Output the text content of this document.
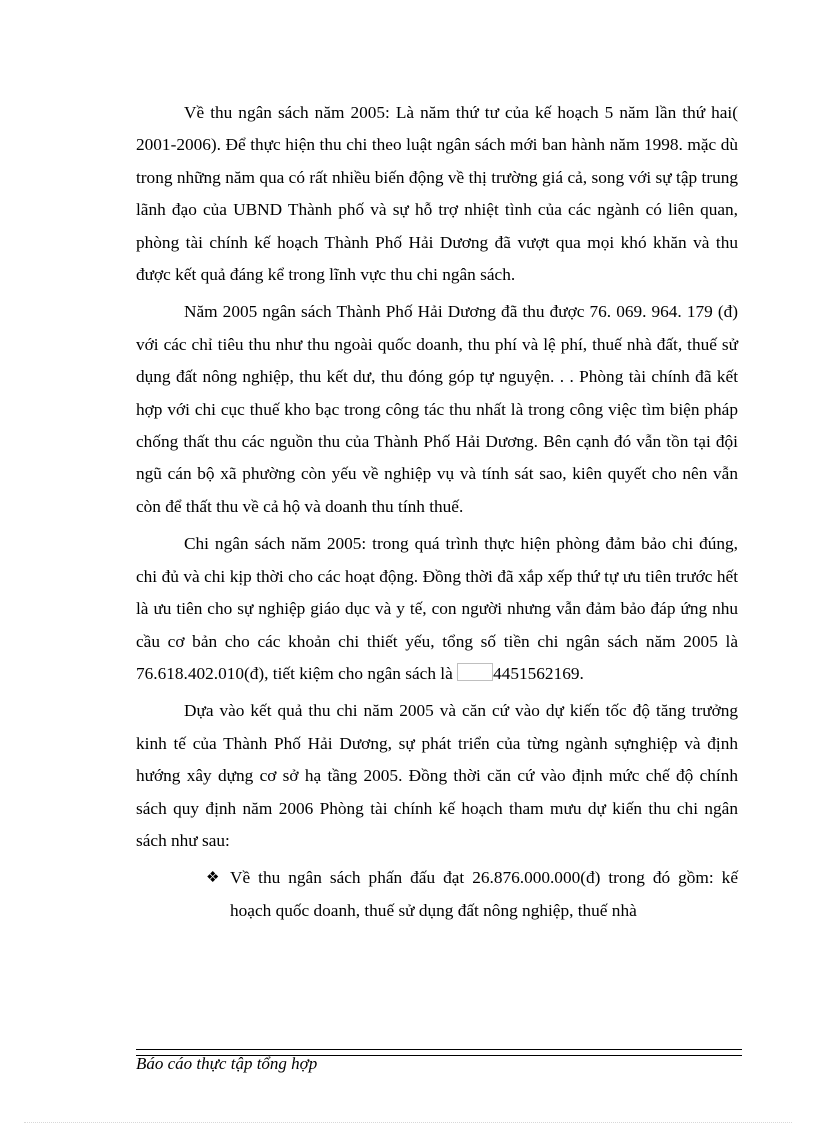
Về thu ngân sách năm 2005: Là năm thứ tư của kế hoạch 5 năm lần thứ hai( 2001-2006). Để thực hiện thu chi theo luật ngân sách mới ban hành năm 1998. mặc dù trong những năm qua có rất nhiều biến động về thị trường giá cả, song với sự tập trung lãnh đạo của UBND Thành phố và sự hỗ trợ nhiệt tình của các ngành có liên quan, phòng tài chính kế hoạch Thành Phố Hải Dương đã vượt qua mọi khó khăn và thu được kết quả đáng kể trong lĩnh vực thu chi ngân sách.

Năm 2005 ngân sách Thành Phố Hải Dương đã thu được 76. 069. 964. 179 (đ) với các chỉ tiêu thu như thu ngoài quốc doanh, thu phí và lệ phí, thuế nhà đất, thuế sử dụng đất nông nghiệp, thu kết dư, thu đóng góp tự nguyện. . . Phòng tài chính đã kết hợp với chi cục thuế kho bạc trong công tác thu nhất là trong công việc tìm biện pháp chống thất thu các nguồn thu của Thành Phố Hải Dương. Bên cạnh đó vẫn tồn tại đội ngũ cán bộ xã phường còn yếu về nghiệp vụ và tính sát sao, kiên quyết cho nên vẫn còn để thất thu về cả hộ và doanh thu tính thuế.

Chi ngân sách năm 2005: trong quá trình thực hiện phòng đảm bảo chi đúng, chi đủ và chi kịp thời cho các hoạt động. Đồng thời đã xắp xếp thứ tự ưu tiên trước hết là ưu tiên cho sự nghiệp giáo dục và y tế, con người nhưng vẫn đảm bảo đáp ứng nhu cầu cơ bản cho các khoản chi thiết yếu, tổng số tiền chi ngân sách năm 2005 là 76.618.402.010(đ), tiết kiệm cho ngân sách là 4451562169.

Dựa vào kết quả thu chi năm 2005 và căn cứ vào dự kiến tốc độ tăng trưởng kinh tế của Thành Phố Hải Dương, sự phát triển của từng ngành sựnghiệp và định hướng xây dựng cơ sở hạ tầng 2005. Đồng thời căn cứ vào định mức chế độ chính sách quy định năm 2006 Phòng tài chính kế hoạch tham mưu dự kiến thu chi ngân sách như sau:

❖ Về thu ngân sách phấn đấu đạt 26.876.000.000(đ) trong đó gồm: kế hoạch quốc doanh, thuế sử dụng đất nông nghiệp, thuế nhà

Báo cáo thực tập tổng hợp
